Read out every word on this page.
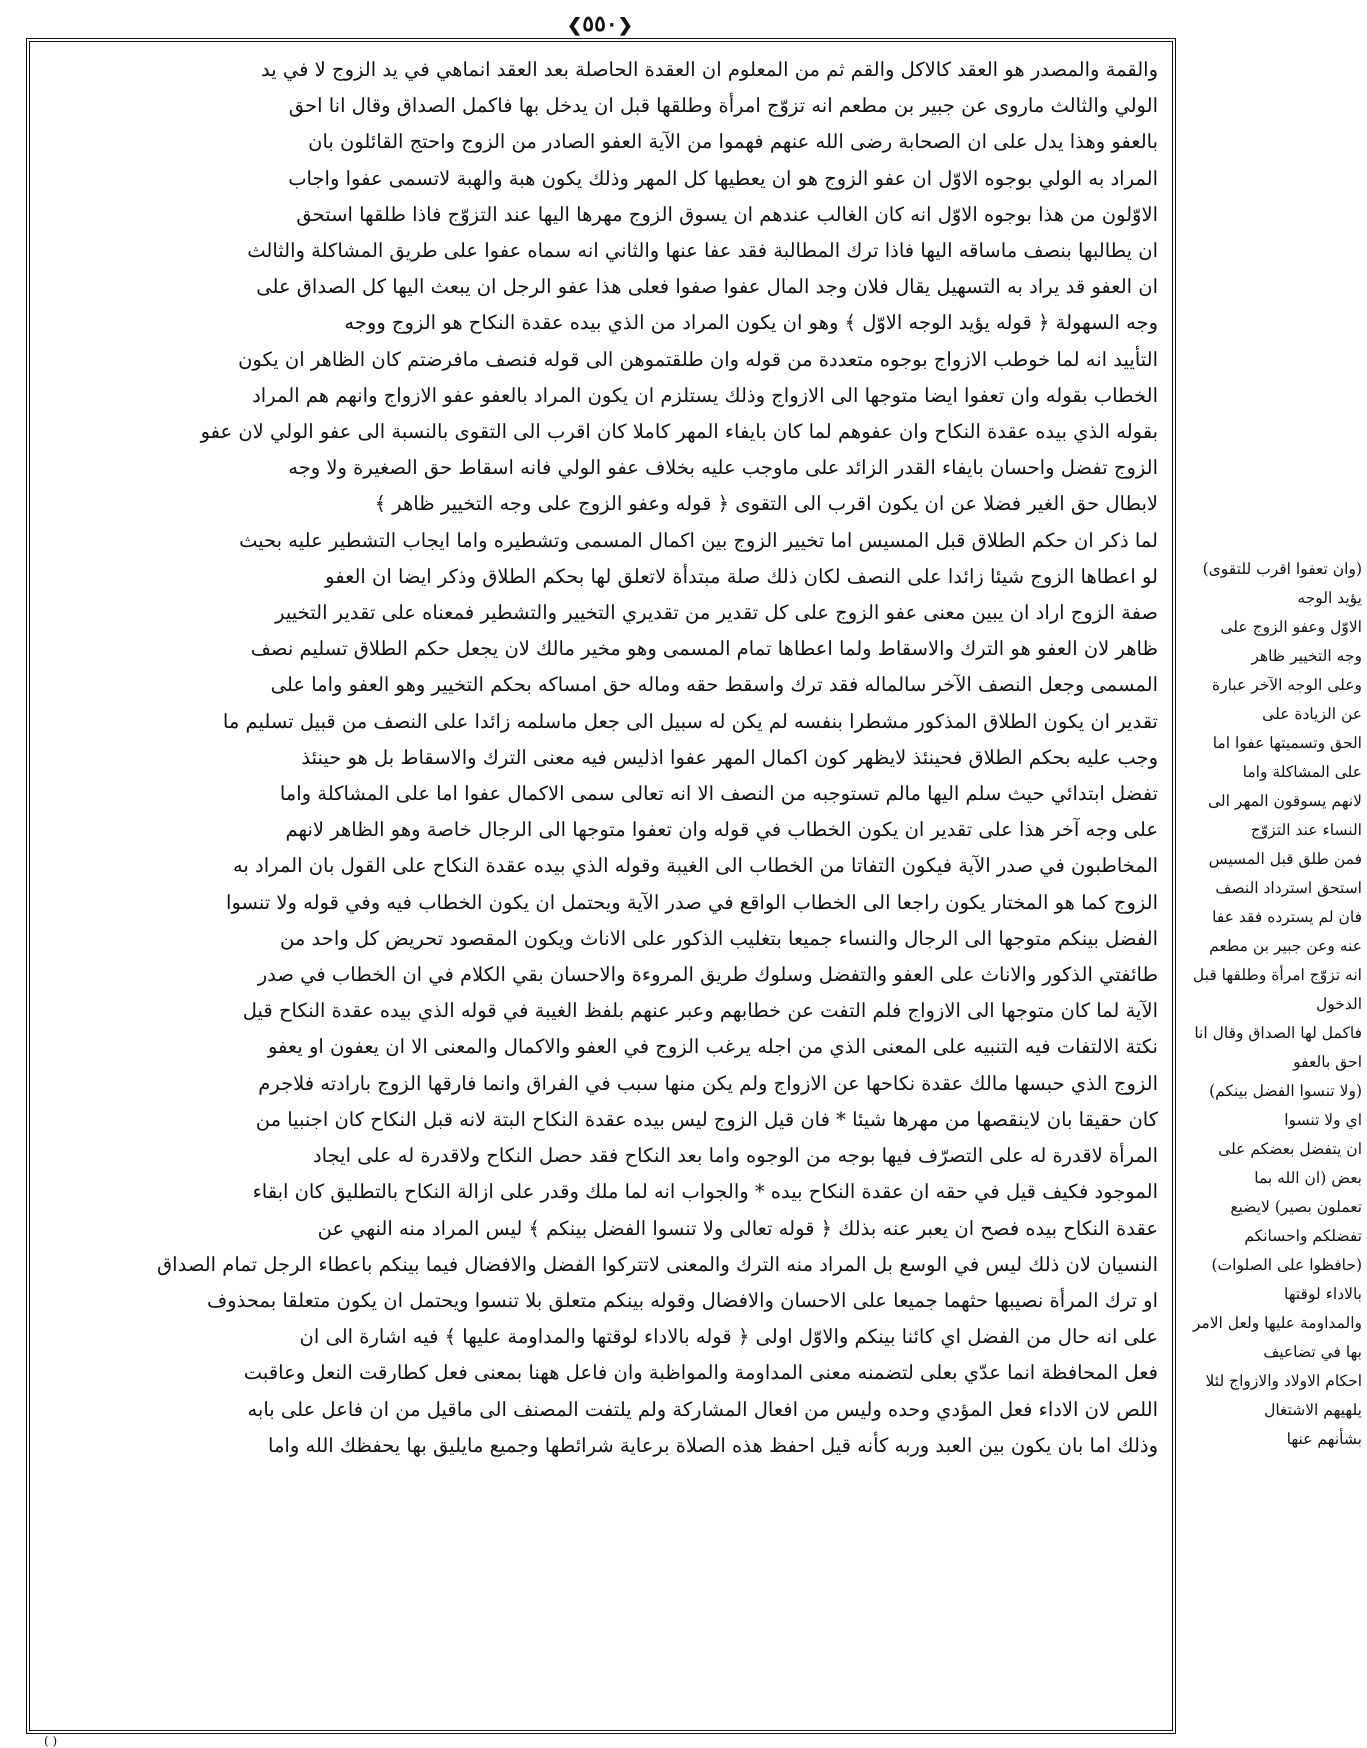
❮٥٥٠❯
والقمة والمصدر هو العقد كالاكل والقم ثم من المعلوم ان العقدة الحاصلة بعد العقد انماهي في يد الزوج لا في يد
الولي والثالث ماروى عن جبير بن مطعم انه تزوّج امرأة وطلقها قبل ان يدخل بها فاكمل الصداق وقال انا احق
بالعفو وهذا يدل على ان الصحابة رضى الله عنهم فهموا من الآية العفو الصادر من الزوج واحتج القائلون بان
المراد به الولي بوجوه الاوّل ان عفو الزوج هو ان يعطيها كل المهر وذلك يكون هبة والهبة لاتسمى عفوا واجاب
الاوّلون من هذا بوجوه الاوّل انه كان الغالب عندهم ان يسوق الزوج مهرها اليها عند التزوّج فاذا طلقها استحق
ان يطالبها بنصف ماساقه اليها فاذا ترك المطالبة فقد عفا عنها والثاني انه سماه عفوا على طريق المشاكلة والثالث
ان العفو قد يراد به التسهيل يقال فلان وجد المال عفوا صفوا فعلى هذا عفو الرجل ان يبعث اليها كل الصداق على
وجه السهولة ﴿ قوله يؤيد الوجه الاوّل ﴾ وهو ان يكون المراد من الذي بيده عقدة النكاح هو الزوج ووجه
التأييد انه لما خوطب الازواج بوجوه متعددة من قوله وان طلقتموهن الى قوله فنصف مافرضتم كان الظاهر ان يكون
الخطاب بقوله وان تعفوا ايضا متوجها الى الازواج وذلك يستلزم ان يكون المراد بالعفو عفو الازواج وانهم هم المراد
بقوله الذي بيده عقدة النكاح وان عفوهم لما كان بايفاء المهر كاملا كان اقرب الى التقوى بالنسبة الى عفو الولي لان عفو
الزوج تفضل واحسان بايفاء القدر الزائد على ماوجب عليه بخلاف عفو الولي فانه اسقاط حق الصغيرة ولا وجه
لابطال حق الغير فضلا عن ان يكون اقرب الى التقوى ﴿ قوله وعفو الزوج على وجه التخيير ظاهر ﴾
لما ذكر ان حكم الطلاق قبل المسيس اما تخيير الزوج بين اكمال المسمى وتشطيره واما ايجاب التشطير عليه بحيث
لو اعطاها الزوج شيئا زائدا على النصف لكان ذلك صلة مبتدأة لاتعلق لها بحكم الطلاق وذكر ايضا ان العفو
صفة الزوج اراد ان يبين معنى عفو الزوج على كل تقدير من تقديري التخيير والتشطير فمعناه على تقدير التخيير
ظاهر لان العفو هو الترك والاسقاط ولما اعطاها تمام المسمى وهو مخير مالك لان يجعل حكم الطلاق تسليم نصف
المسمى وجعل النصف الآخر سالماله فقد ترك واسقط حقه وماله حق امساكه بحكم التخيير وهو العفو واما على
تقدير ان يكون الطلاق المذكور مشطرا بنفسه لم يكن له سبيل الى جعل ماسلمه زائدا على النصف من قبيل تسليم ما
وجب عليه بحكم الطلاق فحينئذ لايظهر كون اكمال المهر عفوا اذليس فيه معنى الترك والاسقاط بل هو حينئذ
تفضل ابتدائي حيث سلم اليها مالم تستوجبه من النصف الا انه تعالى سمى الاكمال عفوا اما على المشاكلة واما
على وجه آخر هذا على تقدير ان يكون الخطاب في قوله وان تعفوا متوجها الى الرجال خاصة وهو الظاهر لانهم
المخاطبون في صدر الآية فيكون التفاتا من الخطاب الى الغيبة وقوله الذي بيده عقدة النكاح على القول بان المراد به
الزوج كما هو المختار يكون راجعا الى الخطاب الواقع في صدر الآية ويحتمل ان يكون الخطاب فيه وفي قوله ولا تنسوا
الفضل بينكم متوجها الى الرجال والنساء جميعا بتغليب الذكور على الاناث ويكون المقصود تحريض كل واحد من
طائفتي الذكور والاناث على العفو والتفضل وسلوك طريق المروءة والاحسان بقي الكلام في ان الخطاب في صدر
الآية لما كان متوجها الى الازواج فلم التفت عن خطابهم وعبر عنهم بلفظ الغيبة في قوله الذي بيده عقدة النكاح قيل
نكتة الالتفات فيه التنبيه على المعنى الذي من اجله يرغب الزوج في العفو والاكمال والمعنى الا ان يعفون او يعفو
الزوج الذي حبسها مالك عقدة نكاحها عن الازواج ولم يكن منها سبب في الفراق وانما فارقها الزوج بارادته فلاجرم
كان حقيقا بان لاينقصها من مهرها شيئا * فان قيل الزوج ليس بيده عقدة النكاح البتة لانه قبل النكاح كان اجنبيا من
المرأة لاقدرة له على التصرّف فيها بوجه من الوجوه واما بعد النكاح فقد حصل النكاح ولاقدرة له على ايجاد
الموجود فكيف قيل في حقه ان عقدة النكاح بيده * والجواب انه لما ملك وقدر على ازالة النكاح بالتطليق كان ابقاء
عقدة النكاح بيده فصح ان يعبر عنه بذلك ﴿ قوله تعالى ولا تنسوا الفضل بينكم ﴾ ليس المراد منه النهي عن
النسيان لان ذلك ليس في الوسع بل المراد منه الترك والمعنى لاتتركوا الفضل والافضال فيما بينكم باعطاء الرجل تمام الصداق
او ترك المرأة نصيبها حثهما جميعا على الاحسان والافضال وقوله بينكم متعلق بلا تنسوا ويحتمل ان يكون متعلقا بمحذوف
على انه حال من الفضل اي كائنا بينكم والاوّل اولى ﴿ قوله بالاداء لوقتها والمداومة عليها ﴾ فيه اشارة الى ان
فعل المحافظة انما عدّي بعلى لتضمنه معنى المداومة والمواظبة وان فاعل ههنا بمعنى فعل كطارقت النعل وعاقبت
اللص لان الاداء فعل المؤدي وحده وليس من افعال المشاركة ولم يلتفت المصنف الى ماقيل من ان فاعل على بابه
وذلك اما بان يكون بين العبد وربه كأنه قيل احفظ هذه الصلاة برعاية شرائطها وجميع مايليق بها يحفظك الله واما
(وان تعفوا اقرب للتقوى) يؤيد الوجه
الاوّل وعفو الزوج على وجه التخيير ظاهر
وعلى الوجه الآخر عبارة عن الزيادة على
الحق وتسميتها عفوا اما على المشاكلة واما
لانهم يسوقون المهر الى النساء عند التزوّج
فمن طلق قبل المسيس استحق استرداد النصف
فان لم يسترده فقد عفا عنه وعن جبير بن مطعم
انه تزوّج امرأة وطلقها قبل الدخول
فاكمل لها الصداق وقال انا احق بالعفو
(ولا تنسوا الفضل بينكم) اي ولا تنسوا
ان يتفضل بعضكم على بعض (ان الله بما
تعملون بصير) لايضيع تفضلكم واحسانكم
(حافظوا على الصلوات) بالاداء لوقتها
والمداومة عليها ولعل الامر بها في تضاعيف
احكام الاولاد والازواج لئلا يلهيهم الاشتغال
بشأنهم عنها
( )
